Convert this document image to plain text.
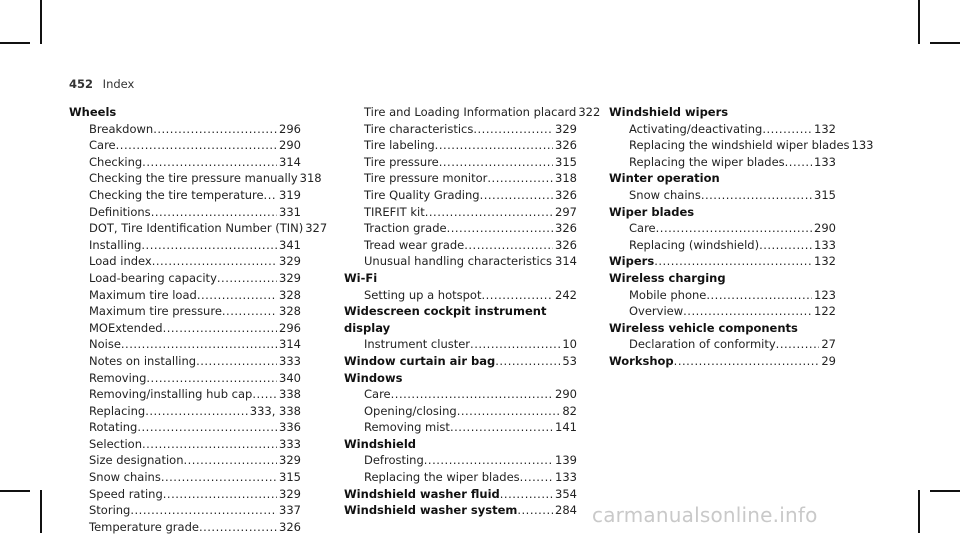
452 Index
Wheels
Breakdown .....	296
Care .....	290
Checking .....	314
Checking the tire pressure manually 318
Checking the tire temperature ..... 319
Definitions .....	331
DOT, Tire Identification Number (TIN) 327
Installing .....	341
Load index .....	329
Load-bearing capacity .....	329
Maximum tire load .....	328
Maximum tire pressure .....	328
MOExtended .....	296
Noise .....	314
Notes on installing .....	333
Removing .....	340
Removing/installing hub cap ..... 338
Replacing .....	333, 338
Rotating .....	336
Selection .....	333
Size designation .....	329
Snow chains .....	315
Speed rating .....	329
Storing .....	337
Temperature grade .....	326
Tire and Loading Information placard 322
Tire characteristics .....	329
Tire labeling .....	326
Tire pressure .....	315
Tire pressure monitor .....	318
Tire Quality Grading .....	326
TIREFIT kit .....	297
Traction grade .....	326
Tread wear grade .....	326
Unusual handling characteristics ..... 314
Wi-Fi
Setting up a hotspot .....	242
Widescreen cockpit instrument display
Instrument cluster .....	10
Window curtain air bag .....	53
Windows
Care .....	290
Opening/closing .....	82
Removing mist .....	141
Windshield
Defrosting .....	139
Replacing the wiper blades .....	133
Windshield washer fluid .....	354
Windshield washer system .....	284
Windshield wipers
Activating/deactivating .....	132
Replacing the windshield wiper blades 133
Replacing the wiper blades .....	133
Winter operation
Snow chains .....	315
Wiper blades
Care .....	290
Replacing (windshield) .....	133
Wipers .....	132
Wireless charging
Mobile phone .....	123
Overview .....	122
Wireless vehicle components
Declaration of conformity .....	27
Workshop .....	29
carmanualsonline.info
